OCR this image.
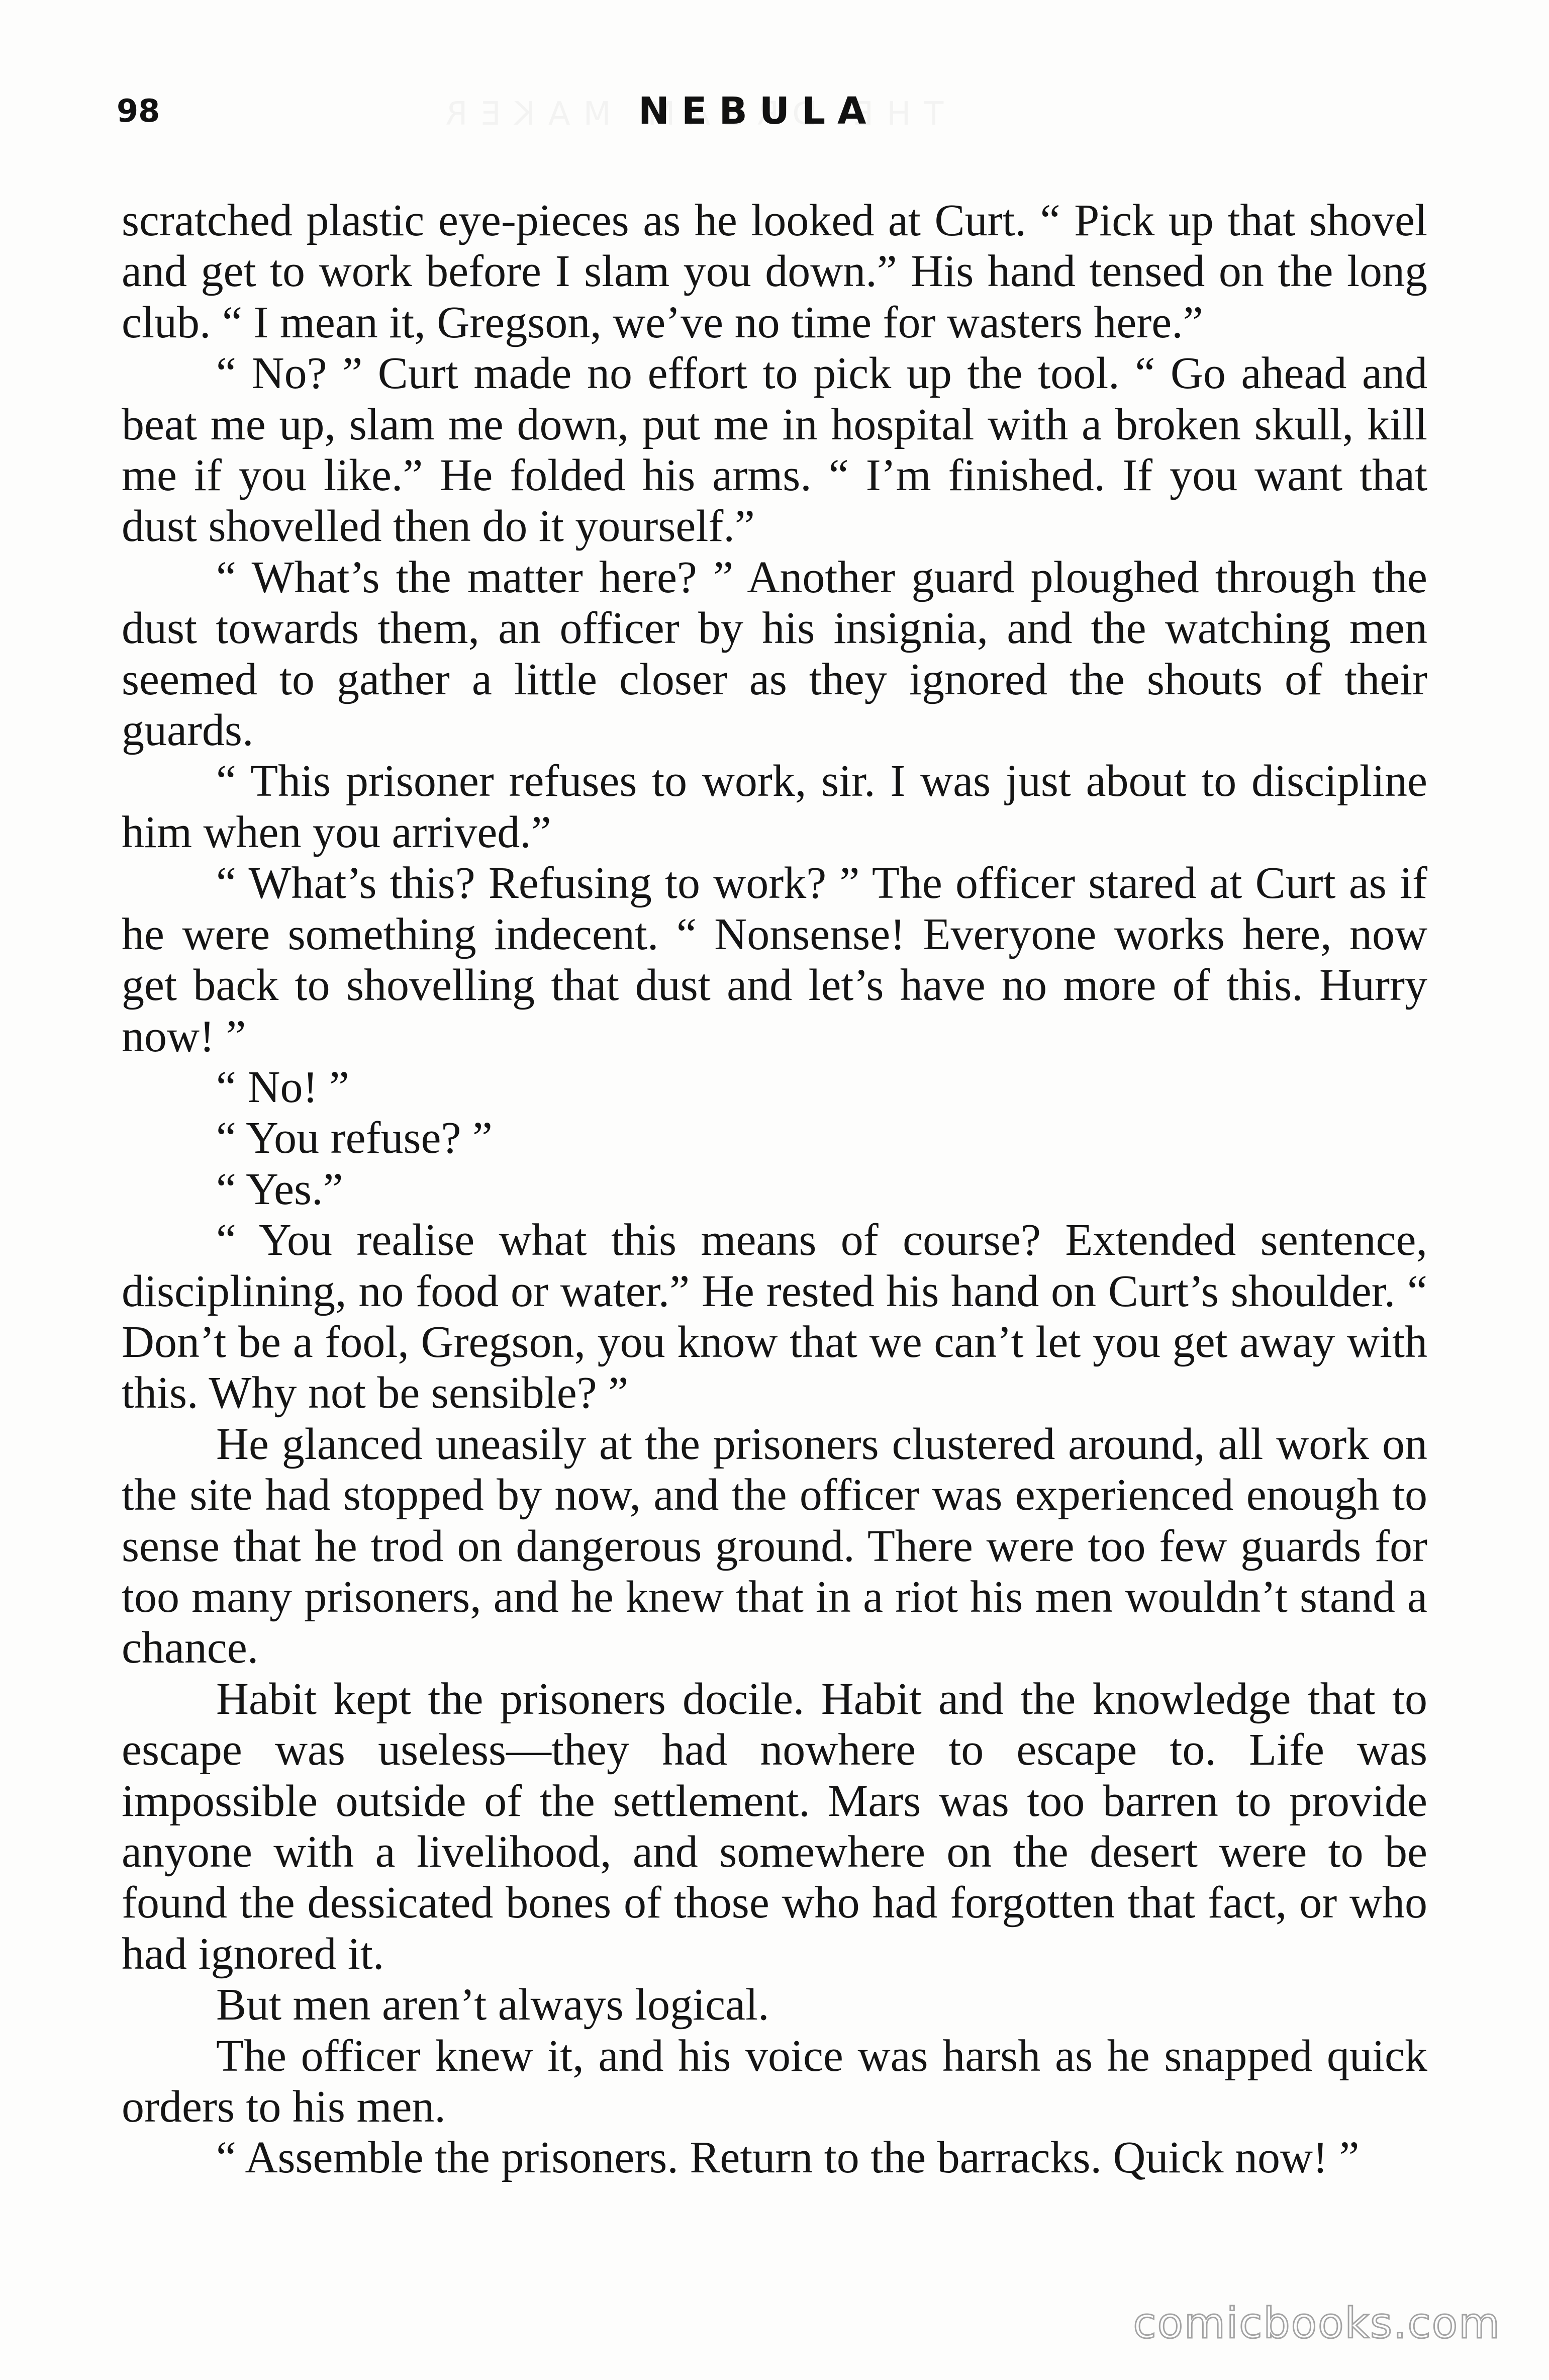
98	NEBULA

scratched plastic eye-pieces as he looked at Curt. “ Pick up that shovel and get to work before I slam you down.” His hand tensed on the long club. “ I mean it, Gregson, we’ve no time for wasters here.”

“ No? ” Curt made no effort to pick up the tool. “ Go ahead and beat me up, slam me down, put me in hospital with a broken skull, kill me if you like.” He folded his arms. “ I’m finished. If you want that dust shovelled then do it yourself.”

“ What’s the matter here? ” Another guard ploughed through the dust towards them, an officer by his insignia, and the watching men seemed to gather a little closer as they ignored the shouts of their guards.

“ This prisoner refuses to work, sir. I was just about to discipline him when you arrived.”

“ What’s this? Refusing to work? ” The officer stared at Curt as if he were something indecent. “ Nonsense! Everyone works here, now get back to shovelling that dust and let’s have no more of this. Hurry now! ”

“ No! ”

“ You refuse? ”

“ Yes.”

“ You realise what this means of course? Extended sentence, disciplining, no food or water.” He rested his hand on Curt’s shoulder. “ Don’t be a fool, Gregson, you know that we can’t let you get away with this. Why not be sensible? ”

He glanced uneasily at the prisoners clustered around, all work on the site had stopped by now, and the officer was experienced enough to sense that he trod on dangerous ground. There were too few guards for too many prisoners, and he knew that in a riot his men wouldn’t stand a chance.

Habit kept the prisoners docile. Habit and the knowledge that to escape was useless—they had nowhere to escape to. Life was impossible outside of the settlement. Mars was too barren to provide anyone with a livelihood, and somewhere on the desert were to be found the dessicated bones of those who had forgotten that fact, or who had ignored it.

But men aren’t always logical.

The officer knew it, and his voice was harsh as he snapped quick orders to his men.

“ Assemble the prisoners. Return to the barracks. Quick now! ”

comicbooks.com
